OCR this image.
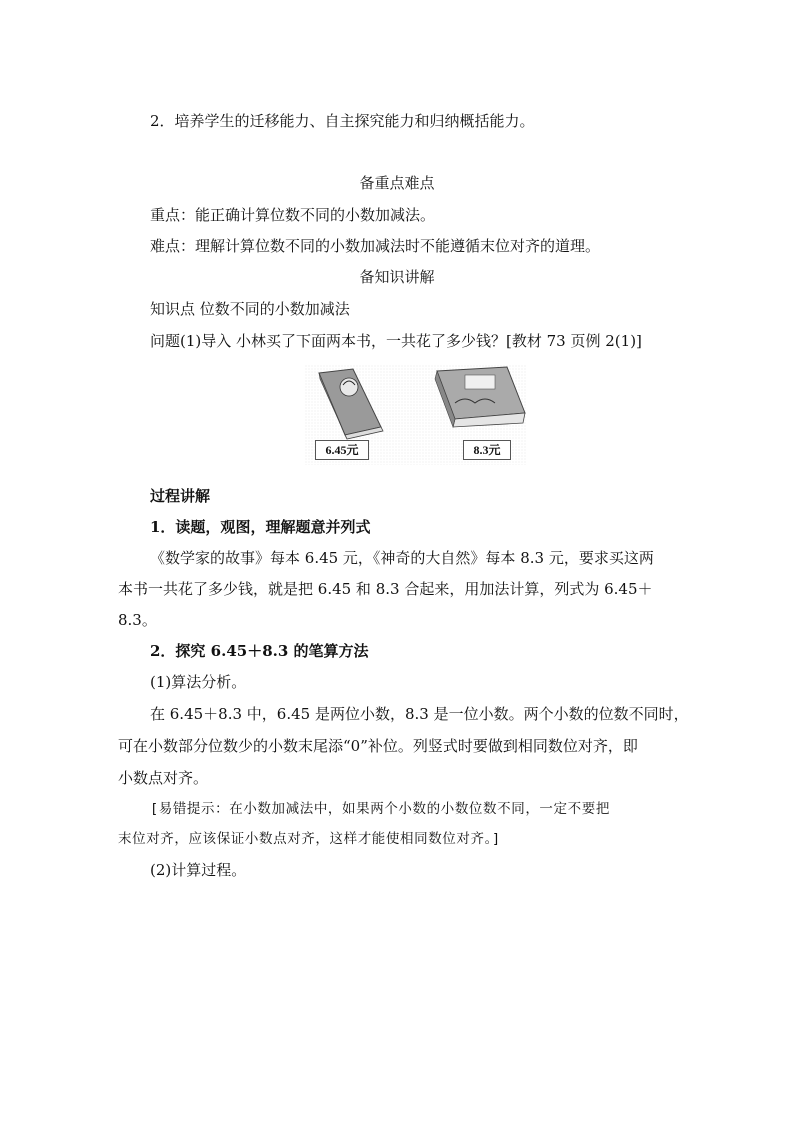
2．培养学生的迁移能力、自主探究能力和归纳概括能力。
备重点难点
重点：能正确计算位数不同的小数加减法。
难点：理解计算位数不同的小数加减法时不能遵循末位对齐的道理。
备知识讲解
知识点 位数不同的小数加减法
问题(1)导入 小林买了下面两本书，一共花了多少钱？[教材 73 页例 2(1)]
6.45元	8.3元
过程讲解
1．读题，观图，理解题意并列式
《数学家的故事》每本 6.45 元，《神奇的大自然》每本 8.3 元，要求买这两
本书一共花了多少钱，就是把 6.45 和 8.3 合起来，用加法计算，列式为 6.45＋
8.3。
2．探究 6.45＋8.3 的笔算方法
(1)算法分析。
在 6.45＋8.3 中，6.45 是两位小数，8.3 是一位小数。两个小数的位数不同时，
可在小数部分位数少的小数末尾添“0”补位。列竖式时要做到相同数位对齐，即
小数点对齐。
[易错提示：在小数加减法中，如果两个小数的小数位数不同，一定不要把
末位对齐，应该保证小数点对齐，这样才能使相同数位对齐。]
(2)计算过程。
